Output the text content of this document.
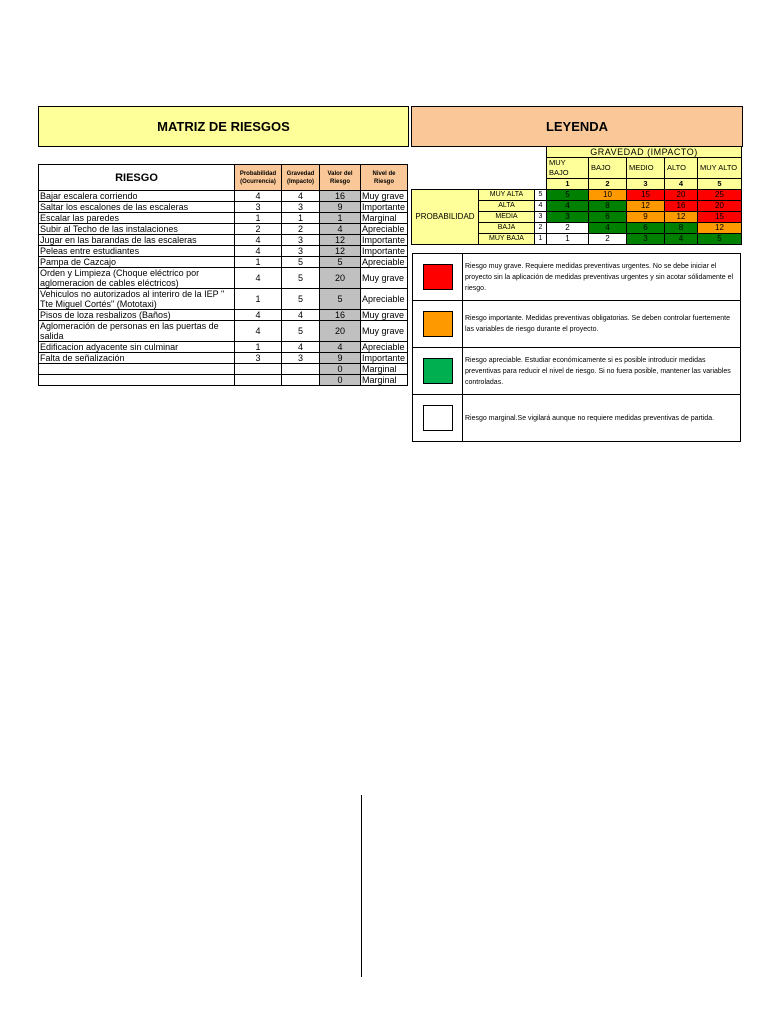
MATRIZ DE RIESGOS	LEYENDA
RIESGO	Probabilidad (Ocurrencia)	Gravedad (Impacto)	Valor del Riesgo	Nivel de Riesgo
Bajar escalera corriendo	4	4	16	Muy grave
Saltar los escalones de las escaleras	3	3	9	Importante
Escalar las paredes	1	1	1	Marginal
Subir al Techo de las instalaciones	2	2	4	Apreciable
Jugar en las barandas de las escaleras	4	3	12	Importante
Peleas entre estudiantes	4	3	12	Importante
Pampa de Cazcajo	1	5	5	Apreciable
Orden y Limpieza (Choque eléctrico por aglomeracion de cables eléctricos)	4	5	20	Muy grave
Vehiculos no autorizados al interiro de la IEP " Tte Miguel Cortés" (Mototaxi)	1	5	5	Apreciable
Pisos de loza resbalizos (Baños)	4	4	16	Muy grave
Aglomeración de personas en las puertas de salida	4	5	20	Muy grave
Edificacion adyacente sin culminar	1	4	4	Apreciable
Falta de señalización	3	3	9	Importante
			0	Marginal
			0	Marginal
			GRAVEDAD (IMPACTO)				
			MUY BAJO	BAJO	MEDIO	ALTO	MUY ALTO
			1	2	3	4	5
PROBABILIDAD	MUY ALTA	5	5	10	15	20	25
	ALTA	4	4	8	12	16	20
	MEDIA	3	3	6	9	12	15
	BAJA	2	2	4	6	8	12
	MUY BAJA	1	1	2	3	4	5
	Riesgo muy grave. Requiere medidas preventivas urgentes. No se debe iniciar el proyecto sin la aplicación de medidas preventivas urgentes y sin acotar sólidamente el riesgo.
	Riesgo importante. Medidas preventivas obligatorias. Se deben controlar fuertemente las variables de riesgo durante el proyecto.
	Riesgo apreciable. Estudiar económicamente si es posible introducir medidas preventivas para reducir el nivel de riesgo. Si no fuera posible, mantener las variables controladas.
	Riesgo marginal.Se vigilará aunque no requiere medidas preventivas de partida.
